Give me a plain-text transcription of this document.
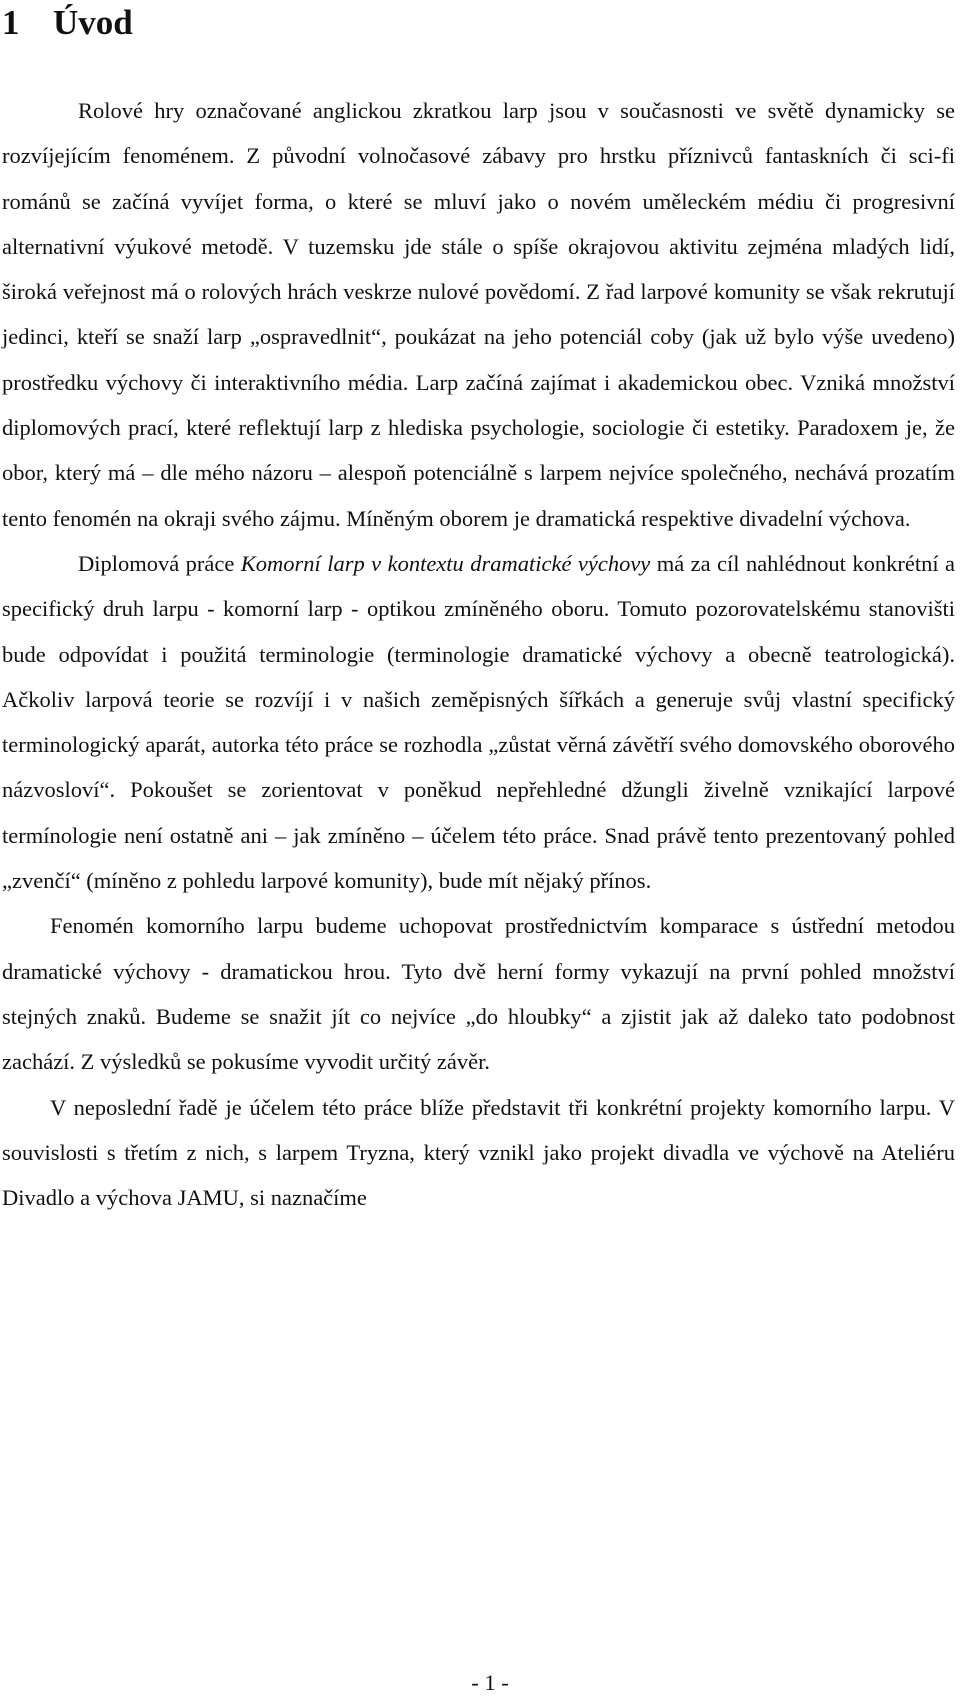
1 Úvod

Rolové hry označované anglickou zkratkou larp jsou v současnosti ve světě dynamicky se rozvíjejícím fenoménem. Z původní volnočasové zábavy pro hrstku příznivců fantaskních či sci-fi románů se začíná vyvíjet forma, o které se mluví jako o novém uměleckém médiu či progresivní alternativní výukové metodě. V tuzemsku jde stále o spíše okrajovou aktivitu zejména mladých lidí, široká veřejnost má o rolových hrách veskrze nulové povědomí. Z řad larpové komunity se však rekrutují jedinci, kteří se snaží larp „ospravedlnit“, poukázat na jeho potenciál coby (jak už bylo výše uvedeno) prostředku výchovy či interaktivního média. Larp začíná zajímat i akademickou obec. Vzniká množství diplomových prací, které reflektují larp z hlediska psychologie, sociologie či estetiky. Paradoxem je, že obor, který má – dle mého názoru – alespoň potenciálně s larpem nejvíce společného, nechává prozatím tento fenomén na okraji svého zájmu. Míněným oborem je dramatická respektive divadelní výchova.

Diplomová práce Komorní larp v kontextu dramatické výchovy má za cíl nahlédnout konkrétní a specifický druh larpu - komorní larp - optikou zmíněného oboru. Tomuto pozorovatelskému stanovišti bude odpovídat i použitá terminologie (terminologie dramatické výchovy a obecně teatrologická). Ačkoliv larpová teorie se rozvíjí i v našich zeměpisných šířkách a generuje svůj vlastní specifický terminologický aparát, autorka této práce se rozhodla „zůstat věrná závětří svého domovského oborového názvosloví“. Pokoušet se zorientovat v poněkud nepřehledné džungli živelně vznikající larpové termínologie není ostatně ani – jak zmíněno – účelem této práce. Snad právě tento prezentovaný pohled „zvenčí“ (míněno z pohledu larpové komunity), bude mít nějaký přínos.

Fenomén komorního larpu budeme uchopovat prostřednictvím komparace s ústřední metodou dramatické výchovy - dramatickou hrou. Tyto dvě herní formy vykazují na první pohled množství stejných znaků. Budeme se snažit jít co nejvíce „do hloubky“ a zjistit jak až daleko tato podobnost zachází. Z výsledků se pokusíme vyvodit určitý závěr.

V neposlední řadě je účelem této práce blíže představit tři konkrétní projekty komorního larpu. V souvislosti s třetím z nich, s larpem Tryzna, který vznikl jako projekt divadla ve výchově na Ateliéru Divadlo a výchova JAMU, si naznačíme

- 1 -
